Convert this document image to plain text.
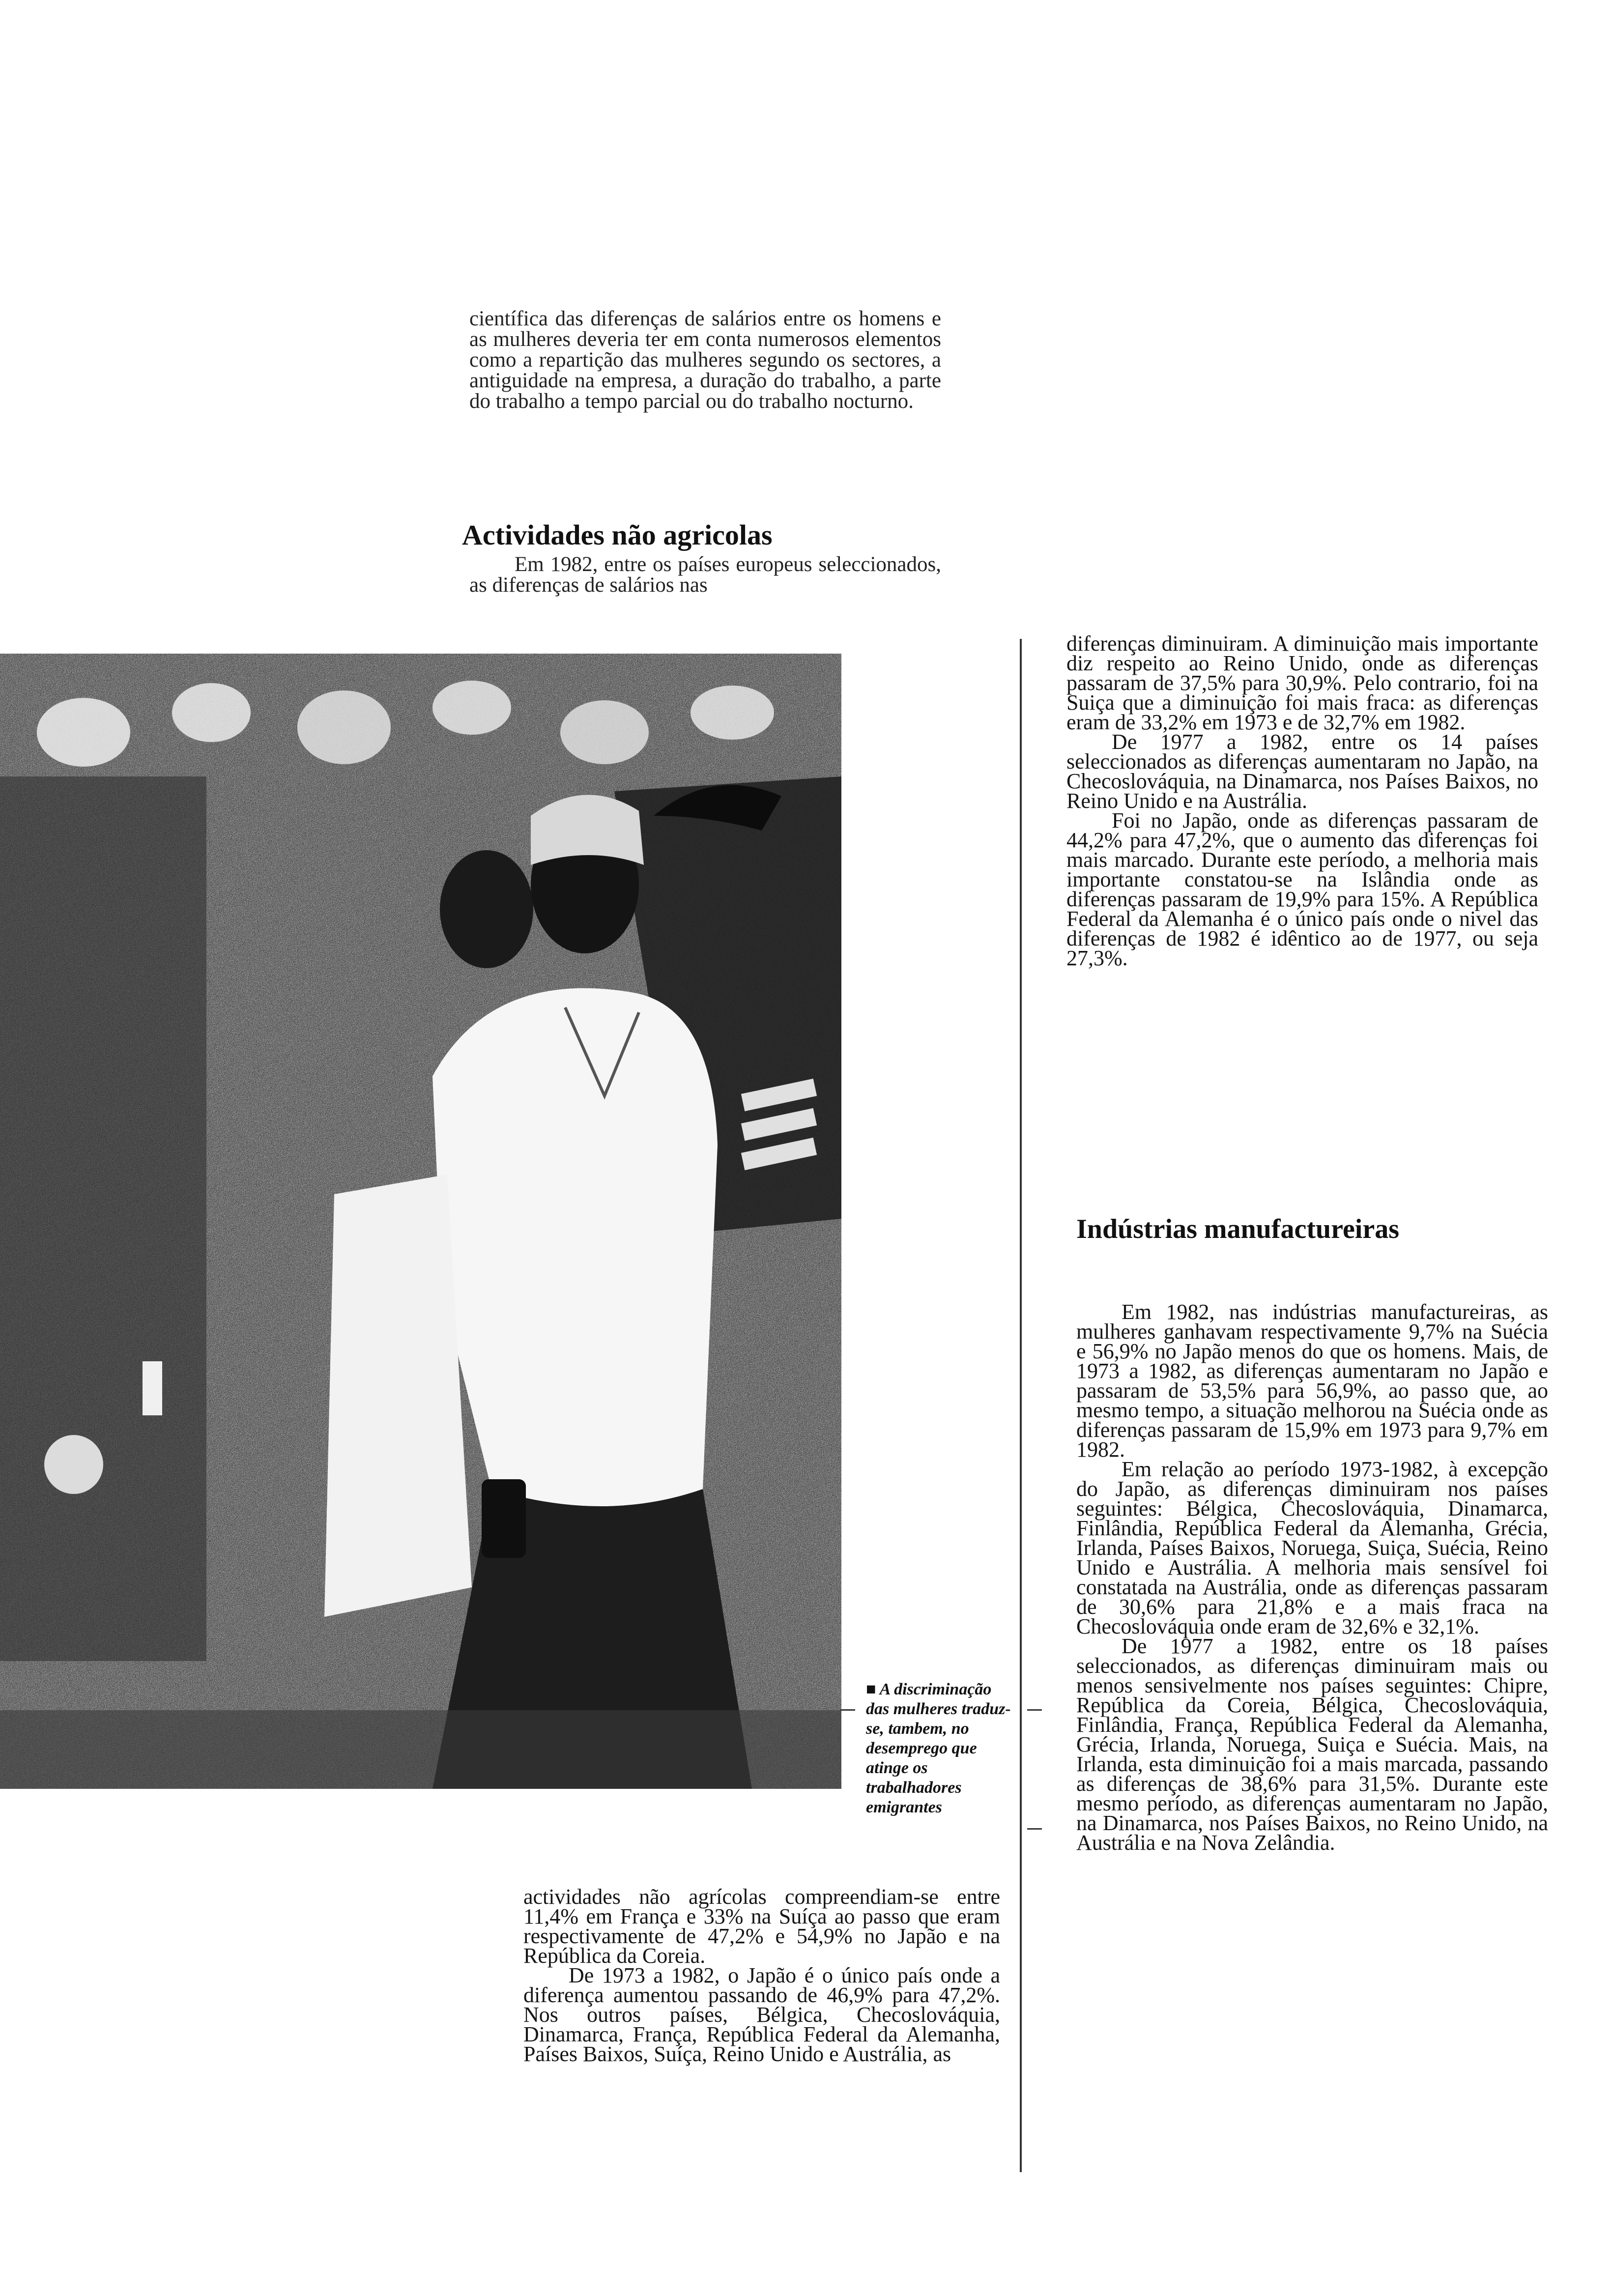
científica das diferenças de salários entre os homens e as mulheres deveria ter em conta numerosos elementos como a repartição das mulheres segundo os sectores, a antiguidade na empresa, a duração do trabalho, a parte do trabalho a tempo parcial ou do trabalho nocturno.

Actividades não agricolas

Em 1982, entre os países europeus seleccionados, as diferenças de salários nas

■ A discriminação das mulheres traduz-se, tambem, no desemprego que atinge os trabalhadores emigrantes

actividades não agrícolas compreendiam-se entre 11,4% em França e 33% na Suíça ao passo que eram respectivamente de 47,2% e 54,9% no Japão e na República da Coreia.

De 1973 a 1982, o Japão é o único país onde a diferença aumentou passando de 46,9% para 47,2%. Nos outros países, Bélgica, Checoslováquia, Dinamarca, França, República Federal da Alemanha, Países Baixos, Suíça, Reino Unido e Austrália, as

diferenças diminuiram. A diminuição mais importante diz respeito ao Reino Unido, onde as diferenças passaram de 37,5% para 30,9%. Pelo contrario, foi na Suiça que a diminuição foi mais fraca: as diferenças eram de 33,2% em 1973 e de 32,7% em 1982.

De 1977 a 1982, entre os 14 países seleccionados as diferenças aumentaram no Japão, na Checoslováquia, na Dinamarca, nos Países Baixos, no Reino Unido e na Austrália.

Foi no Japão, onde as diferenças passaram de 44,2% para 47,2%, que o aumento das diferenças foi mais marcado. Durante este período, a melhoria mais importante constatou-se na Islândia onde as diferenças passaram de 19,9% para 15%. A República Federal da Alemanha é o único país onde o nivel das diferenças de 1982 é idêntico ao de 1977, ou seja 27,3%.

Indústrias manufactureiras

Em 1982, nas indústrias manufactureiras, as mulheres ganhavam respectivamente 9,7% na Suécia e 56,9% no Japão menos do que os homens. Mais, de 1973 a 1982, as diferenças aumentaram no Japão e passaram de 53,5% para 56,9%, ao passo que, ao mesmo tempo, a situação melhorou na Suécia onde as diferenças passaram de 15,9% em 1973 para 9,7% em 1982.

Em relação ao período 1973-1982, à excepção do Japão, as diferenças diminuiram nos países seguintes: Bélgica, Checoslováquia, Dinamarca, Finlândia, República Federal da Alemanha, Grécia, Irlanda, Países Baixos, Noruega, Suiça, Suécia, Reino Unido e Austrália. A melhoria mais sensível foi constatada na Austrália, onde as diferenças passaram de 30,6% para 21,8% e a mais fraca na Checoslováquia onde eram de 32,6% e 32,1%.

De 1977 a 1982, entre os 18 países seleccionados, as diferenças diminuiram mais ou menos sensivelmente nos países seguintes: Chipre, República da Coreia, Bélgica, Checoslováquia, Finlândia, França, República Federal da Alemanha, Grécia, Irlanda, Noruega, Suiça e Suécia. Mais, na Irlanda, esta diminuição foi a mais marcada, passando as diferenças de 38,6% para 31,5%. Durante este mesmo período, as diferenças aumentaram no Japão, na Dinamarca, nos Países Baixos, no Reino Unido, na Austrália e na Nova Zelândia.
